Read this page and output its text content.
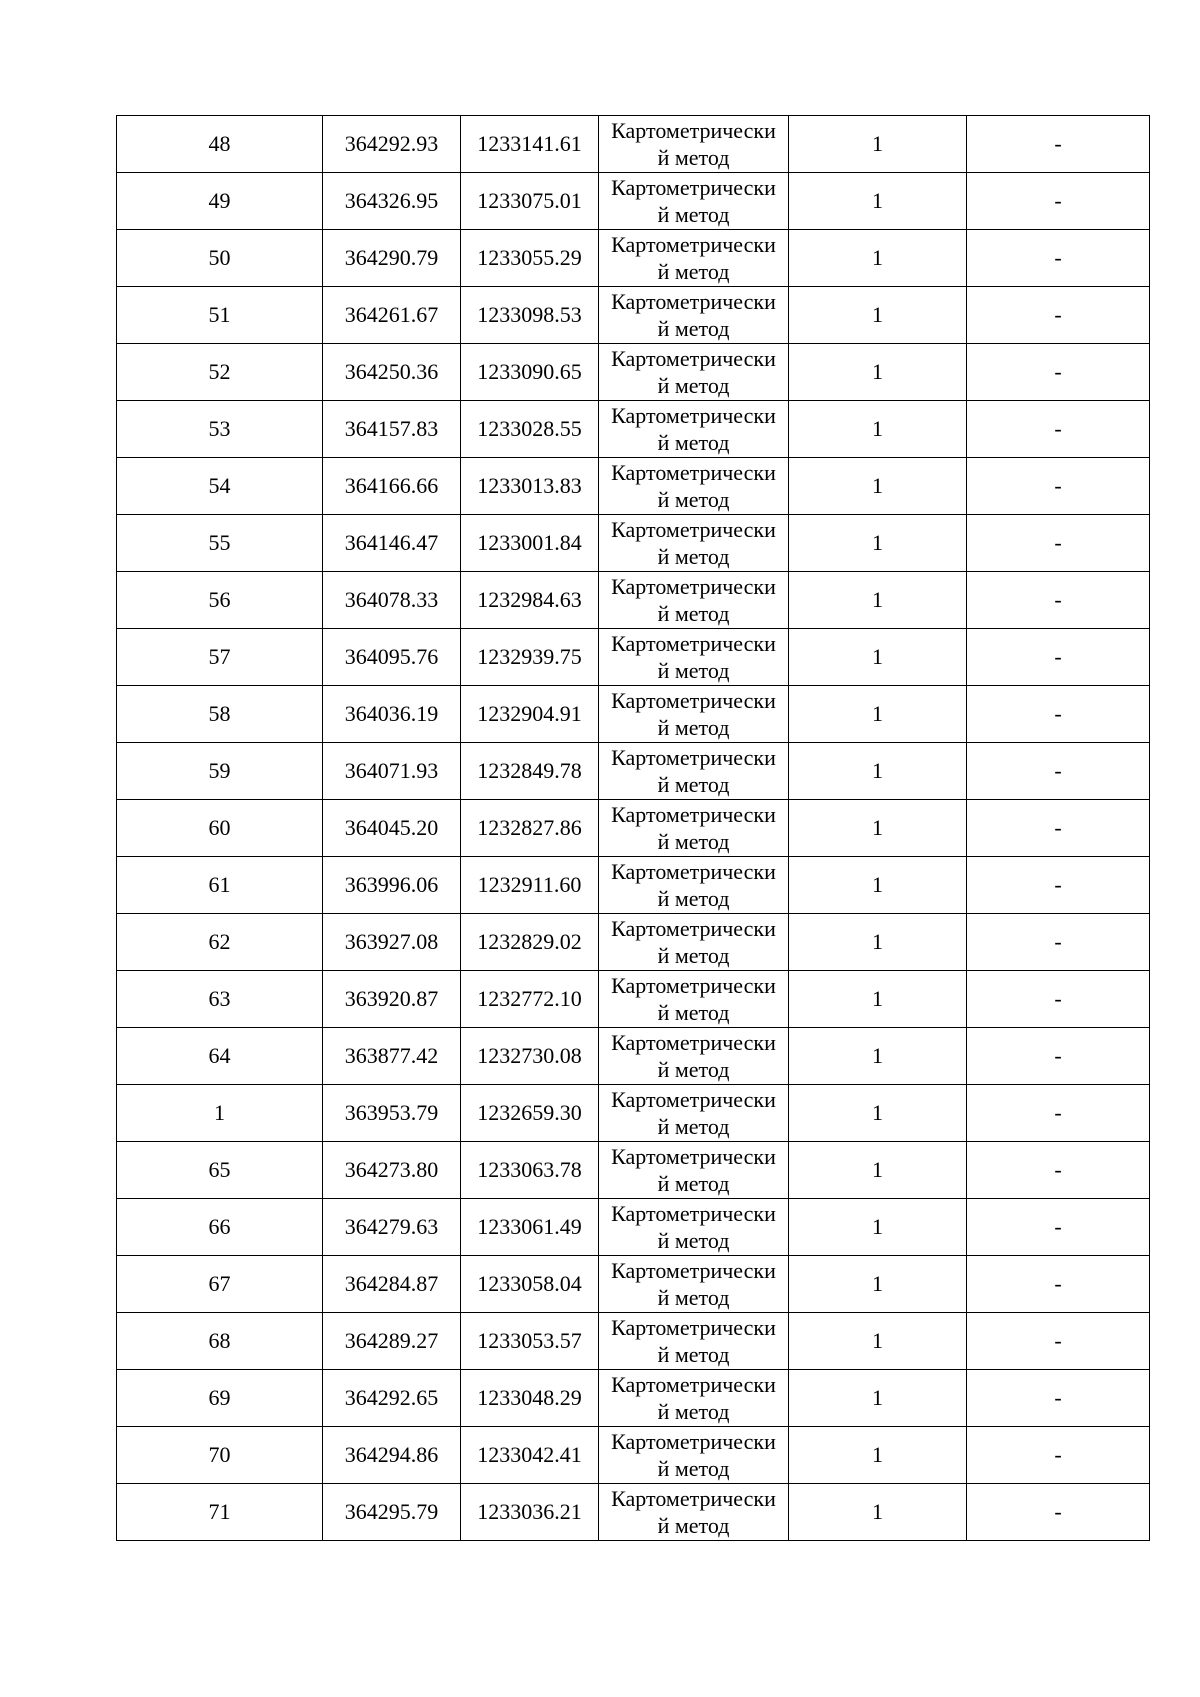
48	364292.93	1233141.61	Картометрически
й метод	1	-
49	364326.95	1233075.01	Картометрически
й метод	1	-
50	364290.79	1233055.29	Картометрически
й метод	1	-
51	364261.67	1233098.53	Картометрически
й метод	1	-
52	364250.36	1233090.65	Картометрически
й метод	1	-
53	364157.83	1233028.55	Картометрически
й метод	1	-
54	364166.66	1233013.83	Картометрически
й метод	1	-
55	364146.47	1233001.84	Картометрически
й метод	1	-
56	364078.33	1232984.63	Картометрически
й метод	1	-
57	364095.76	1232939.75	Картометрически
й метод	1	-
58	364036.19	1232904.91	Картометрически
й метод	1	-
59	364071.93	1232849.78	Картометрически
й метод	1	-
60	364045.20	1232827.86	Картометрически
й метод	1	-
61	363996.06	1232911.60	Картометрически
й метод	1	-
62	363927.08	1232829.02	Картометрически
й метод	1	-
63	363920.87	1232772.10	Картометрически
й метод	1	-
64	363877.42	1232730.08	Картометрически
й метод	1	-
1	363953.79	1232659.30	Картометрически
й метод	1	-
65	364273.80	1233063.78	Картометрически
й метод	1	-
66	364279.63	1233061.49	Картометрически
й метод	1	-
67	364284.87	1233058.04	Картометрически
й метод	1	-
68	364289.27	1233053.57	Картометрически
й метод	1	-
69	364292.65	1233048.29	Картометрически
й метод	1	-
70	364294.86	1233042.41	Картометрически
й метод	1	-
71	364295.79	1233036.21	Картометрически
й метод	1	-
